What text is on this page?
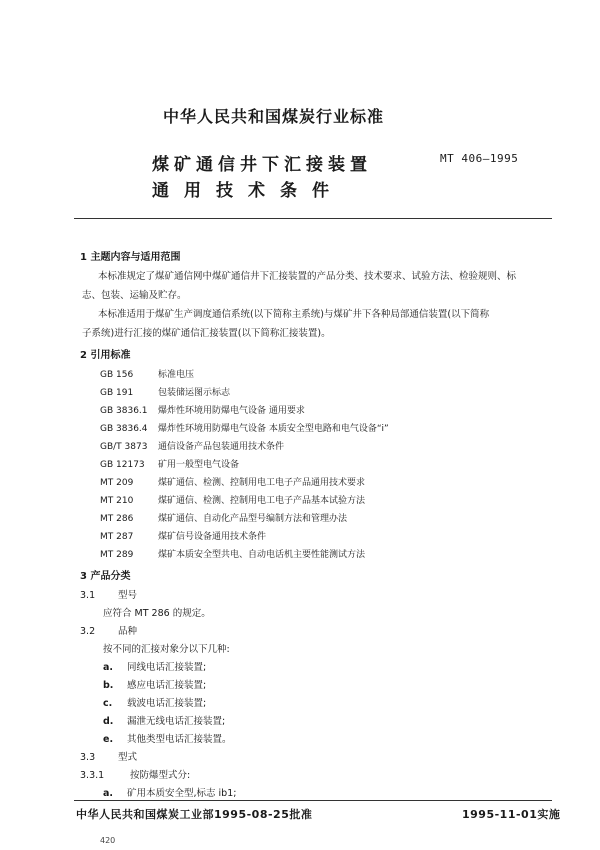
中华人民共和国煤炭行业标准
煤矿通信井下汇接装置
通用技术条件
MT 406—1995
1 主题内容与适用范围
本标准规定了煤矿通信网中煤矿通信井下汇接装置的产品分类、技术要求、试验方法、检验规则、标
志、包装、运输及贮存。
本标准适用于煤矿生产调度通信系统(以下简称主系统)与煤矿井下各种局部通信装置(以下简称
子系统)进行汇接的煤矿通信汇接装置(以下简称汇接装置)。
2 引用标准
GB 156	标准电压
GB 191	包装储运图示标志
GB 3836.1 爆炸性环境用防爆电气设备 通用要求
GB 3836.4 爆炸性环境用防爆电气设备 本质安全型电路和电气设备“i”
GB/T 3873 通信设备产品包装通用技术条件
GB 12173 矿用一般型电气设备
MT 209	煤矿通信、检测、控制用电工电子产品通用技术要求
MT 210	煤矿通信、检测、控制用电工电子产品基本试验方法
MT 286	煤矿通信、自动化产品型号编制方法和管理办法
MT 287	煤矿信号设备通用技术条件
MT 289	煤矿本质安全型共电、自动电话机主要性能测试方法
3 产品分类
3.1 型号
应符合 MT 286 的规定。
3.2 品种
按不同的汇接对象分以下几种:
a. 同线电话汇接装置;
b. 感应电话汇接装置;
c. 载波电话汇接装置;
d. 漏泄无线电话汇接装置;
e. 其他类型电话汇接装置。
3.3 型式
3.3.1	按防爆型式分:
a. 矿用本质安全型,标志 ib1;
中华人民共和国煤炭工业部1995-08-25批准	1995-11-01实施
420
